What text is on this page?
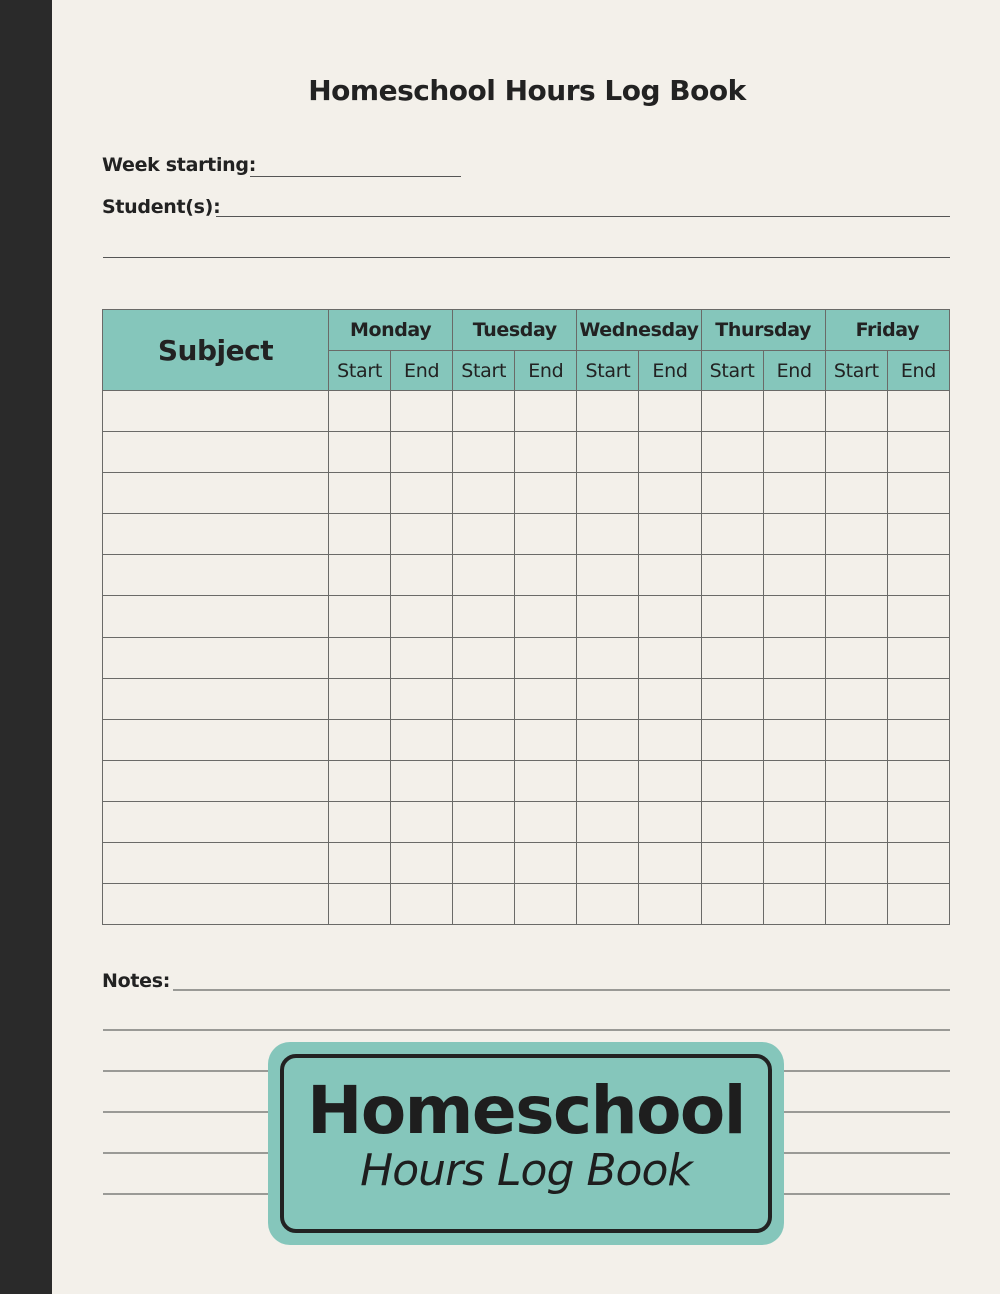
Homeschool Hours Log Book
Week starting:
Student(s):
Subject	Monday		Tuesday		Wednesday		Thursday		Friday	
	Start	End	Start	End	Start	End	Start	End	Start	End

Notes:
Homeschool
Hours Log Book
